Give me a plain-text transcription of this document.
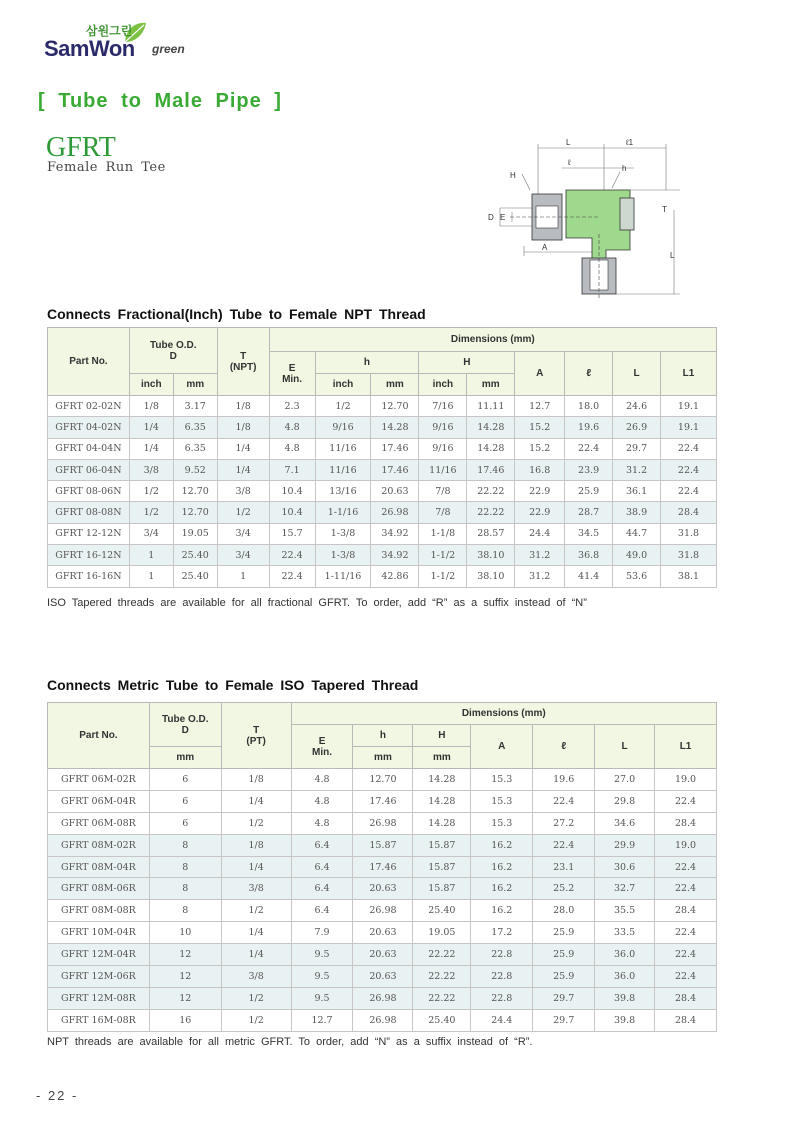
삼원그린
SamWon green
[ Tube to Male Pipe ]
GFRT
Female Run Tee
L	ℓ1
ℓ
h
H
D E
T
A
L
Connects Fractional(Inch) Tube to Female NPT Thread
Part No.	Tube O.D.
D		T
(NPT)	Dimensions (mm)								
				E
Min.	h		H		A	ℓ	L	L1
	inch	mm			inch	mm	inch	mm				
GFRT 02-02N	1/8	3.17	1/8	2.3	1/2	12.70	7/16	11.11	12.7	18.0	24.6	19.1
GFRT 04-02N	1/4	6.35	1/8	4.8	9/16	14.28	9/16	14.28	15.2	19.6	26.9	19.1
GFRT 04-04N	1/4	6.35	1/4	4.8	11/16	17.46	9/16	14.28	15.2	22.4	29.7	22.4
GFRT 06-04N	3/8	9.52	1/4	7.1	11/16	17.46	11/16	17.46	16.8	23.9	31.2	22.4
GFRT 08-06N	1/2	12.70	3/8	10.4	13/16	20.63	7/8	22.22	22.9	25.9	36.1	22.4
GFRT 08-08N	1/2	12.70	1/2	10.4	1-1/16	26.98	7/8	22.22	22.9	28.7	38.9	28.4
GFRT 12-12N	3/4	19.05	3/4	15.7	1-3/8	34.92	1-1/8	28.57	24.4	34.5	44.7	31.8
GFRT 16-12N	1	25.40	3/4	22.4	1-3/8	34.92	1-1/2	38.10	31.2	36.8	49.0	31.8
GFRT 16-16N	1	25.40	1	22.4	1-11/16	42.86	1-1/2	38.10	31.2	41.4	53.6	38.1
ISO Tapered threads are available for all fractional GFRT. To order, add “R” as a suffix instead of “N”
Connects Metric Tube to Female ISO Tapered Thread
Part No.	Tube O.D.
D	T
(PT)	Dimensions (mm)						
			E
Min.	h	H	A	ℓ	L	L1
	mm			mm	mm				
GFRT 06M-02R	6	1/8	4.8	12.70	14.28	15.3	19.6	27.0	19.0
GFRT 06M-04R	6	1/4	4.8	17.46	14.28	15.3	22.4	29.8	22.4
GFRT 06M-08R	6	1/2	4.8	26.98	14.28	15.3	27.2	34.6	28.4
GFRT 08M-02R	8	1/8	6.4	15.87	15.87	16.2	22.4	29.9	19.0
GFRT 08M-04R	8	1/4	6.4	17.46	15.87	16.2	23.1	30.6	22.4
GFRT 08M-06R	8	3/8	6.4	20.63	15.87	16.2	25.2	32.7	22.4
GFRT 08M-08R	8	1/2	6.4	26.98	25.40	16.2	28.0	35.5	28.4
GFRT 10M-04R	10	1/4	7.9	20.63	19.05	17.2	25.9	33.5	22.4
GFRT 12M-04R	12	1/4	9.5	20.63	22.22	22.8	25.9	36.0	22.4
GFRT 12M-06R	12	3/8	9.5	20.63	22.22	22.8	25.9	36.0	22.4
GFRT 12M-08R	12	1/2	9.5	26.98	22.22	22.8	29.7	39.8	28.4
GFRT 16M-08R	16	1/2	12.7	26.98	25.40	24.4	29.7	39.8	28.4
NPT threads are available for all metric GFRT. To order, add “N” as a suffix instead of “R”.
- 22 -
